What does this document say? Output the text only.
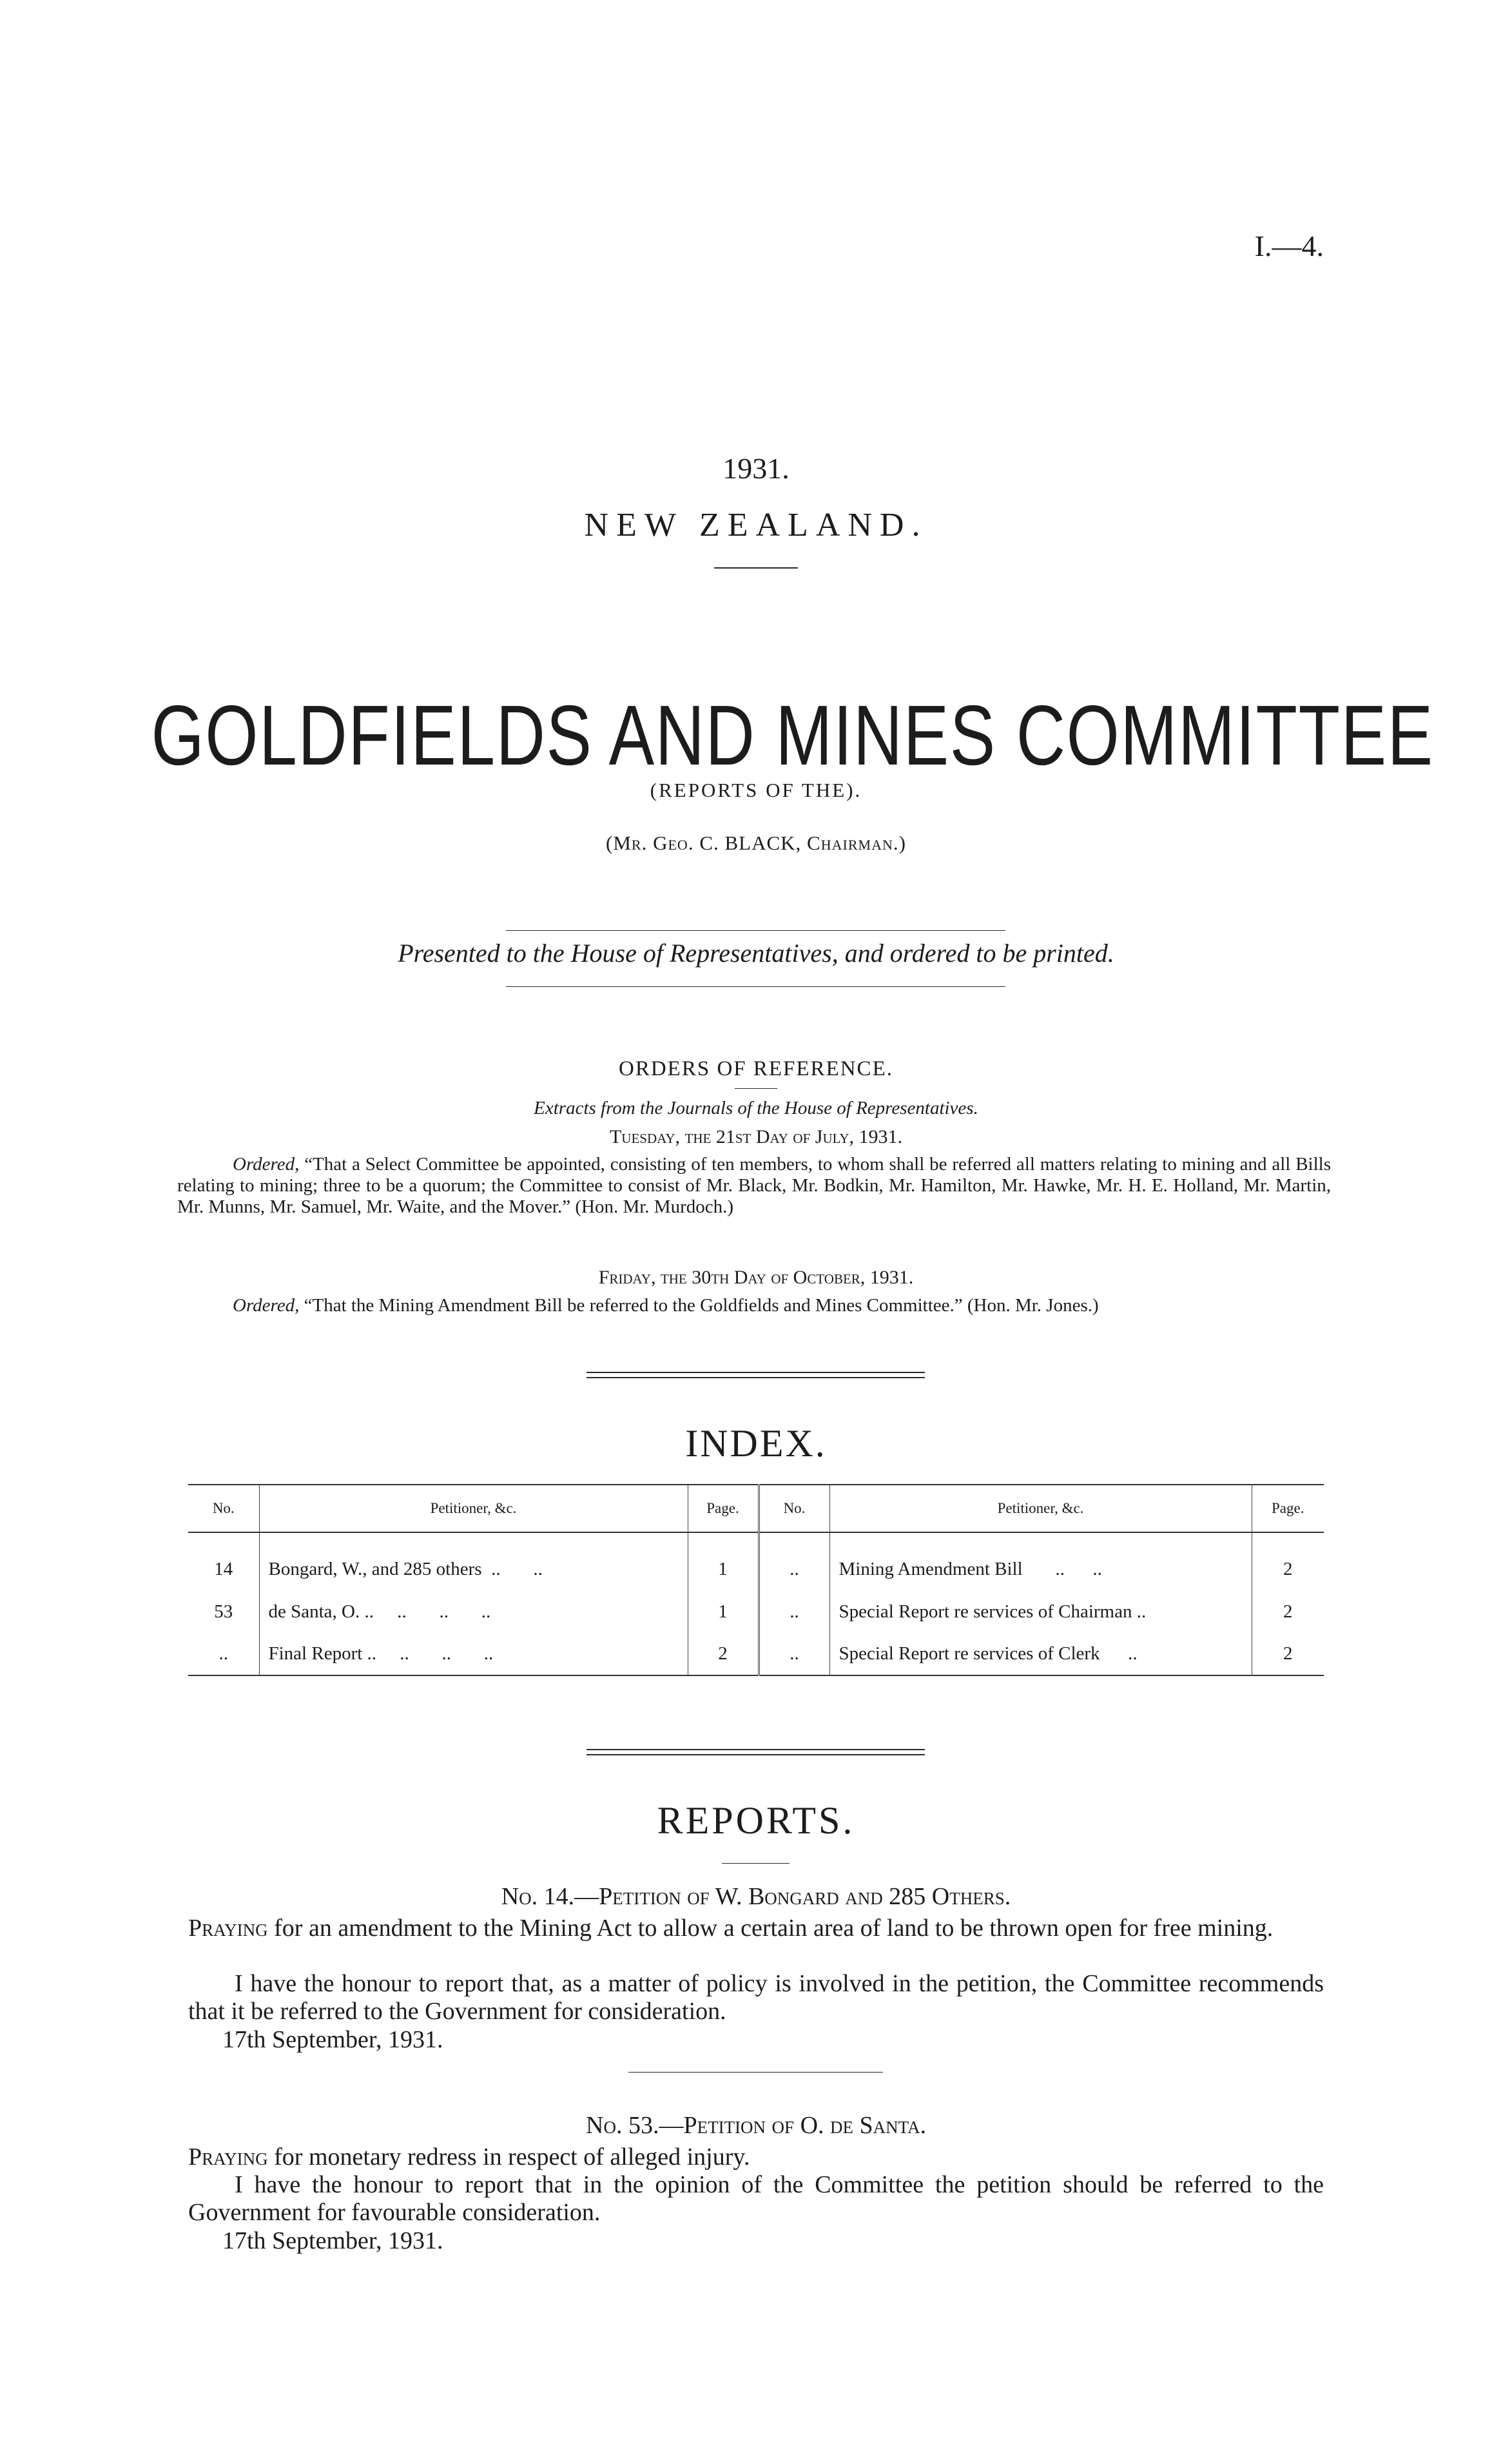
I.—4.
1931.
NEW ZEALAND.
GOLDFIELDS AND MINES COMMITTEE
(REPORTS OF THE).
(Mr. Geo. C. BLACK, Chairman.)
Presented to the House of Representatives, and ordered to be printed.
ORDERS OF REFERENCE.
Extracts from the Journals of the House of Representatives.
Tuesday, the 21st Day of July, 1931.
Ordered, “That a Select Committee be appointed, consisting of ten members, to whom shall be referred all matters relating to mining and all Bills relating to mining; three to be a quorum; the Committee to consist of Mr. Black, Mr. Bodkin, Mr. Hamilton, Mr. Hawke, Mr. H. E. Holland, Mr. Martin, Mr. Munns, Mr. Samuel, Mr. Waite, and the Mover.” (Hon. Mr. Murdoch.)
Friday, the 30th Day of October, 1931.
Ordered, “That the Mining Amendment Bill be referred to the Goldfields and Mines Committee.” (Hon. Mr. Jones.)
INDEX.
No.	Petitioner, &c.	Page.	No.	Petitioner, &c.	Page.

14	Bongard, W., and 285 others  ..       ..	1	..	Mining Amendment Bill       ..      ..	2
53	de Santa, O. ..     ..       ..       ..	1	..	Special Report re services of Chairman ..	2
..	Final Report ..     ..       ..       ..	2	..	Special Report re services of Clerk      ..	2
REPORTS.
No. 14.—Petition of W. Bongard and 285 Others.
Praying for an amendment to the Mining Act to allow a certain area of land to be thrown open for free mining.
I have the honour to report that, as a matter of policy is involved in the petition, the Committee recommends that it be referred to the Government for consideration.
17th September, 1931.
No. 53.—Petition of O. de Santa.
Praying for monetary redress in respect of alleged injury.
I have the honour to report that in the opinion of the Committee the petition should be referred to the Government for favourable consideration.
17th September, 1931.
